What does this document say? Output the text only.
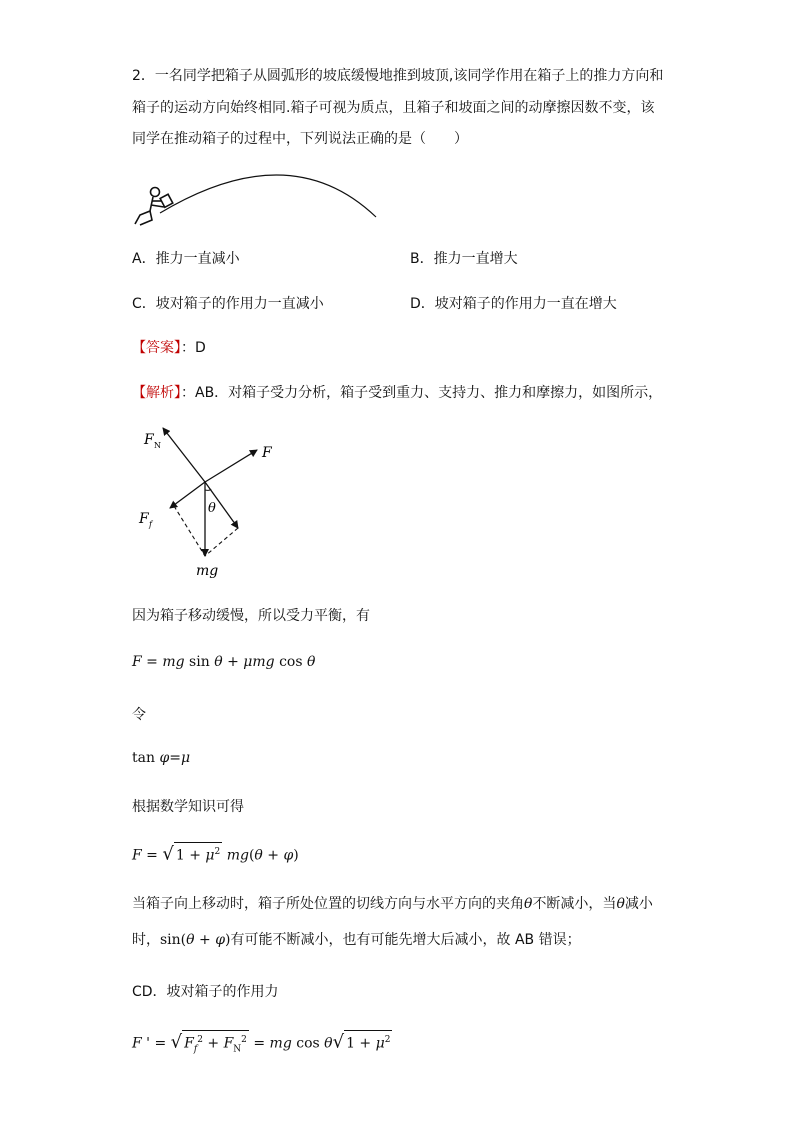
2．一名同学把箱子从圆弧形的坡底缓慢地推到坡顶,该同学作用在箱子上的推力方向和
箱子的运动方向始终相同.箱子可视为质点，且箱子和坡面之间的动摩擦因数不变，该
同学在推动箱子的过程中，下列说法正确的是（　　）
A．推力一直减小	B．推力一直增大
C．坡对箱子的作用力一直减小	D．坡对箱子的作用力一直在增大
【答案】：D
【解析】：AB．对箱子受力分析，箱子受到重力、支持力、推力和摩擦力，如图所示，
F N	F
F f
θ
mg
因为箱子移动缓慢，所以受力平衡，有
F = mg sin θ + μmg cos θ
令
tan φ=μ
根据数学知识可得
F = √ $1 + \mu^2$ mg(θ + φ)
当箱子向上移动时，箱子所处位置的切线方向与水平方向的夹角θ不断减小，当θ减小
时，sin(θ + φ)有可能不断减小，也有可能先增大后减小，故 AB 错误；
CD．坡对箱子的作用力
F ' = √ $F_f^2 + F_N^2$ = mg cos θ√ $1 + \mu^2$
